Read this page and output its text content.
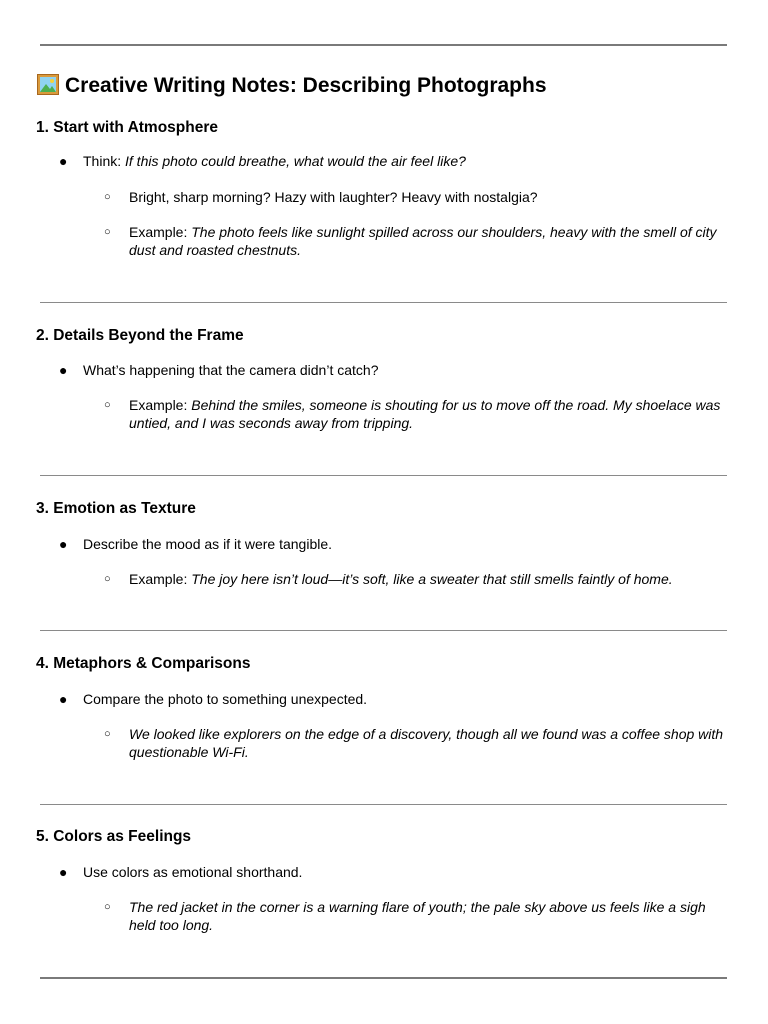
Creative Writing Notes: Describing Photographs
1. Start with Atmosphere
● Think: If this photo could breathe, what would the air feel like?
○ Bright, sharp morning? Hazy with laughter? Heavy with nostalgia?
○ Example: The photo feels like sunlight spilled across our shoulders, heavy with the smell of city dust and roasted chestnuts.
2. Details Beyond the Frame
● What’s happening that the camera didn’t catch?
○ Example: Behind the smiles, someone is shouting for us to move off the road. My shoelace was untied, and I was seconds away from tripping.
3. Emotion as Texture
● Describe the mood as if it were tangible.
○ Example: The joy here isn’t loud—it’s soft, like a sweater that still smells faintly of home.
4. Metaphors & Comparisons
● Compare the photo to something unexpected.
○ We looked like explorers on the edge of a discovery, though all we found was a coffee shop with questionable Wi-Fi.
5. Colors as Feelings
● Use colors as emotional shorthand.
○ The red jacket in the corner is a warning flare of youth; the pale sky above us feels like a sigh held too long.
